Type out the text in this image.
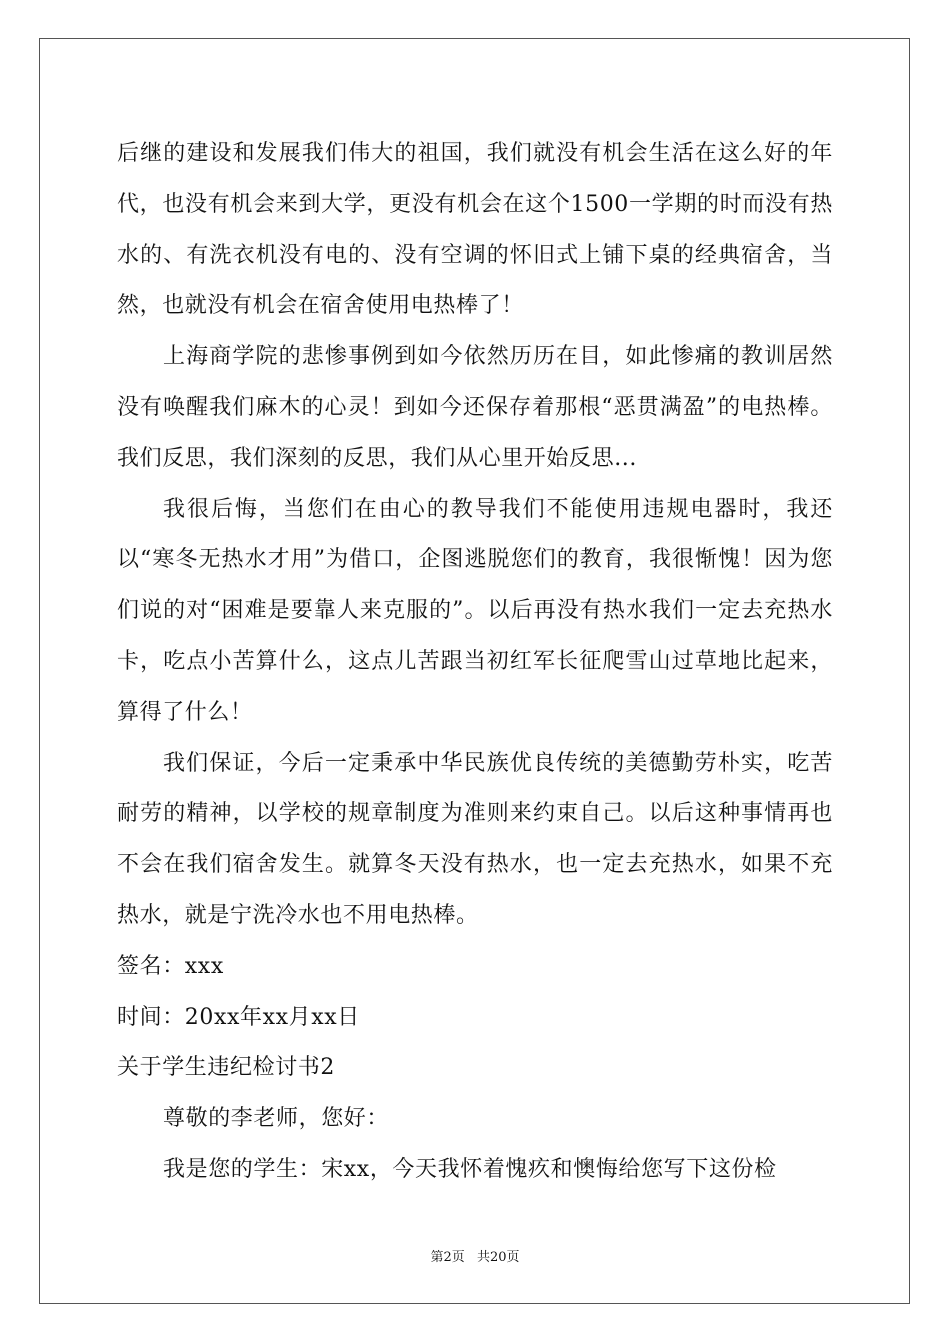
后继的建设和发展我们伟大的祖国，我们就没有机会生活在这么好的年代，也没有机会来到大学，更没有机会在这个1500一学期的时而没有热水的、有洗衣机没有电的、没有空调的怀旧式上铺下桌的经典宿舍，当然，也就没有机会在宿舍使用电热棒了！

上海商学院的悲惨事例到如今依然历历在目，如此惨痛的教训居然没有唤醒我们麻木的心灵！到如今还保存着那根“恶贯满盈”的电热棒。我们反思，我们深刻的反思，我们从心里开始反思...

我很后悔，当您们在由心的教导我们不能使用违规电器时，我还以“寒冬无热水才用”为借口，企图逃脱您们的教育，我很惭愧！因为您们说的对“困难是要靠人来克服的”。以后再没有热水我们一定去充热水卡，吃点小苦算什么，这点儿苦跟当初红军长征爬雪山过草地比起来，算得了什么！

我们保证，今后一定秉承中华民族优良传统的美德勤劳朴实，吃苦耐劳的精神，以学校的规章制度为准则来约束自己。以后这种事情再也不会在我们宿舍发生。就算冬天没有热水，也一定去充热水，如果不充热水，就是宁洗冷水也不用电热棒。

签名：xxx

时间：20xx年xx月xx日

关于学生违纪检讨书2

尊敬的李老师，您好：

我是您的学生：宋xx，今天我怀着愧疚和懊悔给您写下这份检

第2页 共20页
